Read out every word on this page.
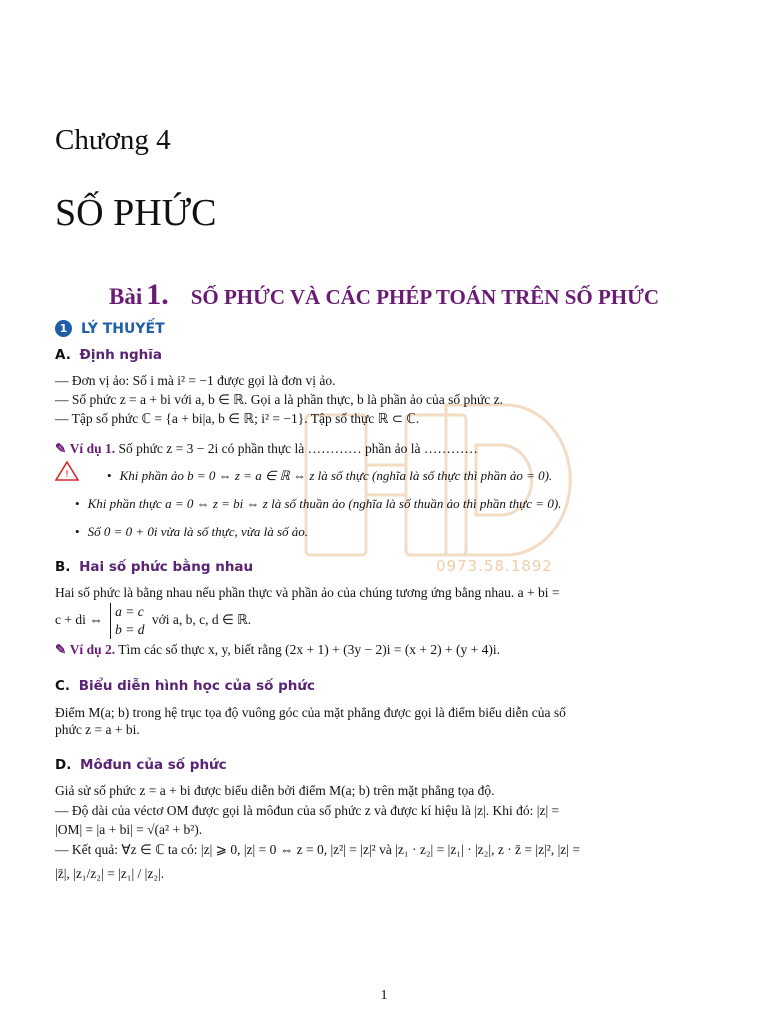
0973.58.1892
Chương 4
SỐ PHỨC
Bài 1. SỐ PHỨC VÀ CÁC PHÉP TOÁN TRÊN SỐ PHỨC
1 LÝ THUYẾT
A. Định nghĩa
— Đơn vị ảo: Số i mà i² = −1 được gọi là đơn vị ảo.
— Số phức z = a + bi với a, b ∈ ℝ. Gọi a là phần thực, b là phần ảo của số phức z.
— Tập số phức ℂ = {a + bi|a, b ∈ ℝ; i² = −1}. Tập số thực ℝ ⊂ ℂ.
✎ Ví dụ 1. Số phức z = 3 − 2i có phần thực là ………… phần ảo là …………
!
•	Khi phần ảo b = 0 ⇔ z = a ∈ ℝ ⇔ z là số thực (nghĩa là số thực thì phần ảo = 0).
• Khi phần thực a = 0 ⇔ z = bi ⇔ z là số thuần ảo (nghĩa là số thuần ảo thì phần thực = 0).
• Số 0 = 0 + 0i vừa là số thực, vừa là số ảo.
B. Hai số phức bằng nhau
Hai số phức là bằng nhau nếu phần thực và phần ảo của chúng tương ứng bằng nhau. a + bi =
c + di ⇔ a = c
b = d với a, b, c, d ∈ ℝ.
✎ Ví dụ 2. Tìm các số thực x, y, biết rằng (2x + 1) + (3y − 2)i = (x + 2) + (y + 4)i.
C. Biểu diễn hình học của số phức
Điểm M(a; b) trong hệ trục tọa độ vuông góc của mặt phẳng được gọi là điểm biểu diễn của số
phức z = a + bi.
D. Môđun của số phức
Giả sử số phức z = a + bi được biểu diễn bởi điểm M(a; b) trên mặt phẳng tọa độ.
— Độ dài của véctơ OM được gọi là môđun của số phức z và được kí hiệu là |z|. Khi đó: |z| =
|OM| = |a + bi| = √(a² + b²).
— Kết quả: ∀z ∈ ℂ ta có: |z| ⩾ 0, |z| = 0 ⇔ z = 0, |z²| = |z|² và |z₁ · z₂| = |z₁| · |z₂|, z · z̄ = |z|², |z| =
|z̄|, |z₁/z₂| = |z₁| / |z₂|.
1
